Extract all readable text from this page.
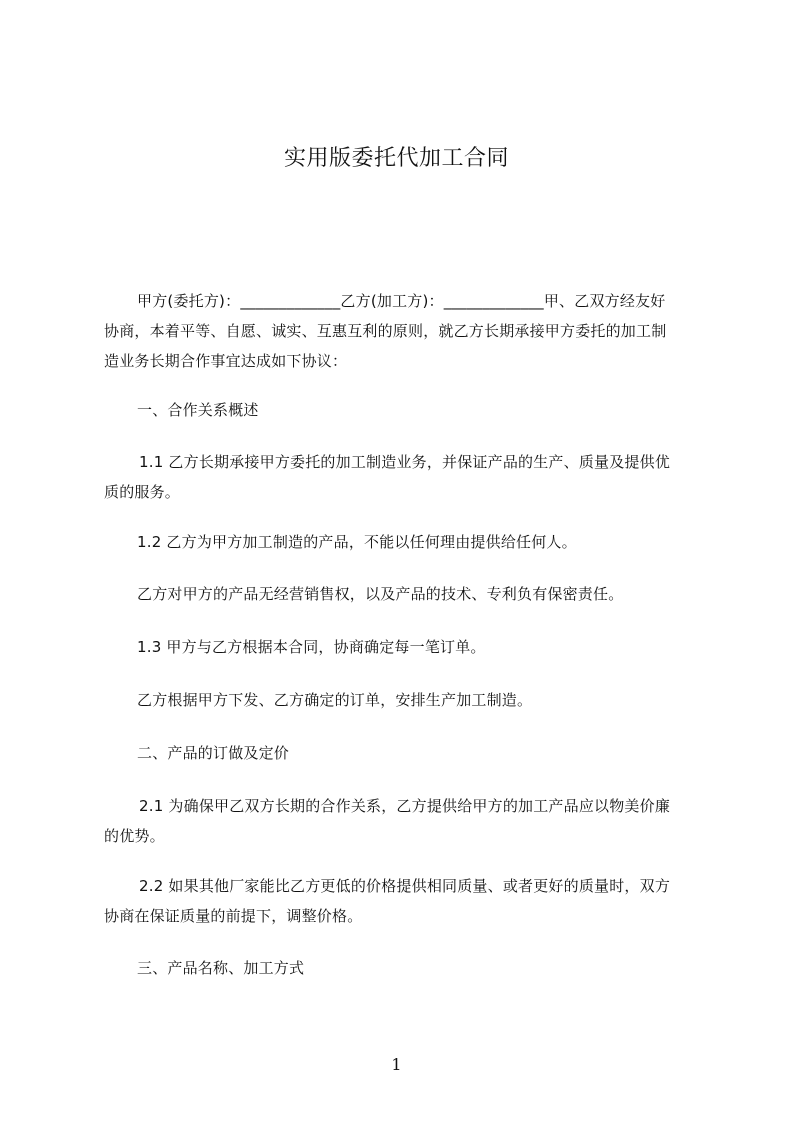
实用版委托代加工合同
甲方(委托方)：_____________乙方(加工方)：_____________甲、乙双方经友好
协商，本着平等、自愿、诚实、互惠互利的原则，就乙方长期承接甲方委托的加工制
造业务长期合作事宜达成如下协议：
一、合作关系概述
1.1 乙方长期承接甲方委托的加工制造业务，并保证产品的生产、质量及提供优
质的服务。
1.2 乙方为甲方加工制造的产品，不能以任何理由提供给任何人。
乙方对甲方的产品无经营销售权，以及产品的技术、专利负有保密责任。
1.3 甲方与乙方根据本合同，协商确定每一笔订单。
乙方根据甲方下发、乙方确定的订单，安排生产加工制造。
二、产品的订做及定价
2.1 为确保甲乙双方长期的合作关系，乙方提供给甲方的加工产品应以物美价廉
的优势。
2.2 如果其他厂家能比乙方更低的价格提供相同质量、或者更好的质量时，双方
协商在保证质量的前提下，调整价格。
三、产品名称、加工方式
1
